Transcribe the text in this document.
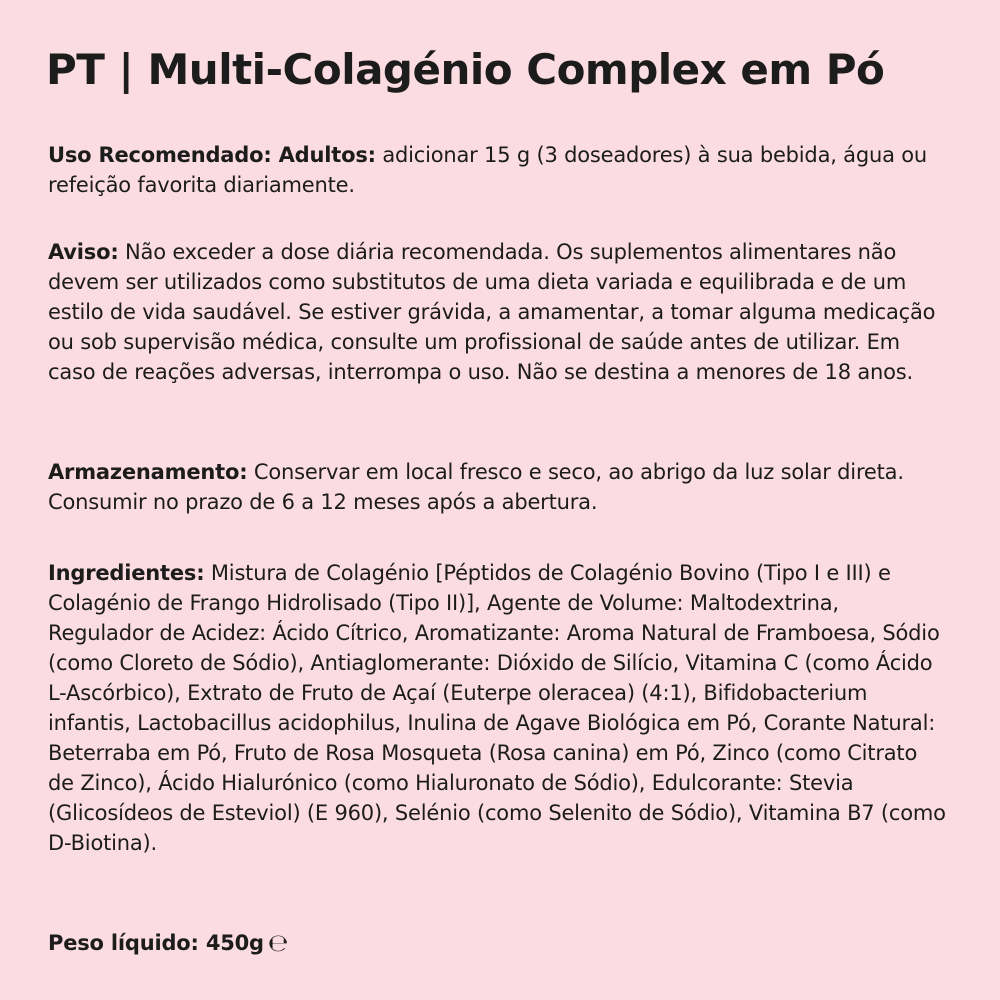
PT | Multi-Colagénio Complex em Pó

Uso Recomendado: Adultos: adicionar 15 g (3 doseadores) à sua bebida, água ou refeição favorita diariamente.

Aviso: Não exceder a dose diária recomendada. Os suplementos alimentares não devem ser utilizados como substitutos de uma dieta variada e equilibrada e de um estilo de vida saudável. Se estiver grávida, a amamentar, a tomar alguma medicação ou sob supervisão médica, consulte um profissional de saúde antes de utilizar. Em caso de reações adversas, interrompa o uso. Não se destina a menores de 18 anos.

Armazenamento: Conservar em local fresco e seco, ao abrigo da luz solar direta. Consumir no prazo de 6 a 12 meses após a abertura.

Ingredientes: Mistura de Colagénio [Péptidos de Colagénio Bovino (Tipo I e III) e Colagénio de Frango Hidrolisado (Tipo II)], Agente de Volume: Maltodextrina, Regulador de Acidez: Ácido Cítrico, Aromatizante: Aroma Natural de Framboesa, Sódio (como Cloreto de Sódio), Antiaglomerante: Dióxido de Silício, Vitamina C (como Ácido L-Ascórbico), Extrato de Fruto de Açaí (Euterpe oleracea) (4:1), Bifidobacterium infantis, Lactobacillus acidophilus, Inulina de Agave Biológica em Pó, Corante Natural: Beterraba em Pó, Fruto de Rosa Mosqueta (Rosa canina) em Pó, Zinco (como Citrato de Zinco), Ácido Hialurónico (como Hialuronato de Sódio), Edulcorante: Stevia (Glicosídeos de Esteviol) (E 960), Selénio (como Selenito de Sódio), Vitamina B7 (como D-Biotina).

Peso líquido: 450g ℮
